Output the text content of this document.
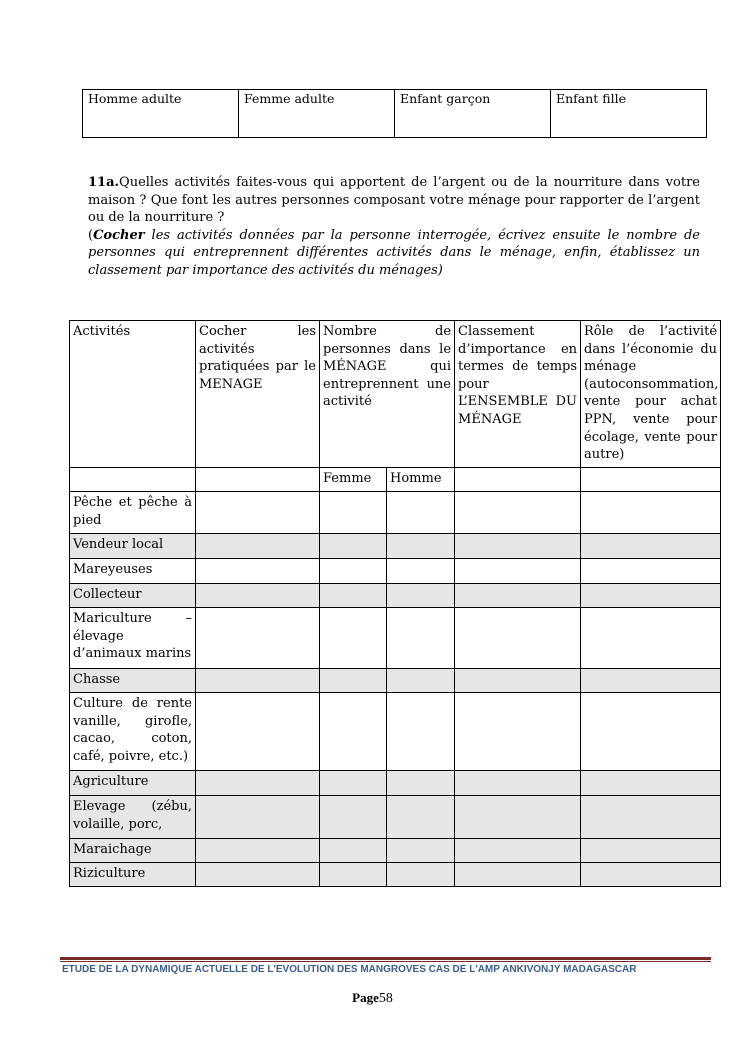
Homme adulte	Femme adulte	Enfant garçon	Enfant fille

11a.Quelles activités faites-vous qui apportent de l’argent ou de la nourriture dans votre maison ? Que font les autres personnes composant votre ménage pour rapporter de l’argent ou de la nourriture ?

(Cocher les activités données par la personne interrogée, écrivez ensuite le nombre de personnes qui entreprennent différentes activités dans le ménage, enfin, établissez un classement par importance des activités du ménages)

Activités	Cocher les activités pratiquées par le MENAGE	Nombre de personnes dans le MÉNAGE qui entreprennent une activité		Classement d’importance en termes de temps pour L’ENSEMBLE DU MÉNAGE	Rôle de l’activité dans l’économie du ménage (autoconsommation, vente pour achat PPN, vente pour écolage, vente pour autre)
		Femme	Homme		
Pêche et pêche à pied					
Vendeur local					
Mareyeuses					
Collecteur					
Mariculture – élevage d’animaux marins					
Chasse					
Culture de rente vanille, girofle, cacao, coton, café, poivre, etc.)					
Agriculture					
Elevage (zébu, volaille, porc,					
Maraichage					
Riziculture					
ETUDE DE LA DYNAMIQUE ACTUELLE DE L'EVOLUTION DES MANGROVES CAS DE L'AMP ANKIVONJY MADAGASCAR
Page58
